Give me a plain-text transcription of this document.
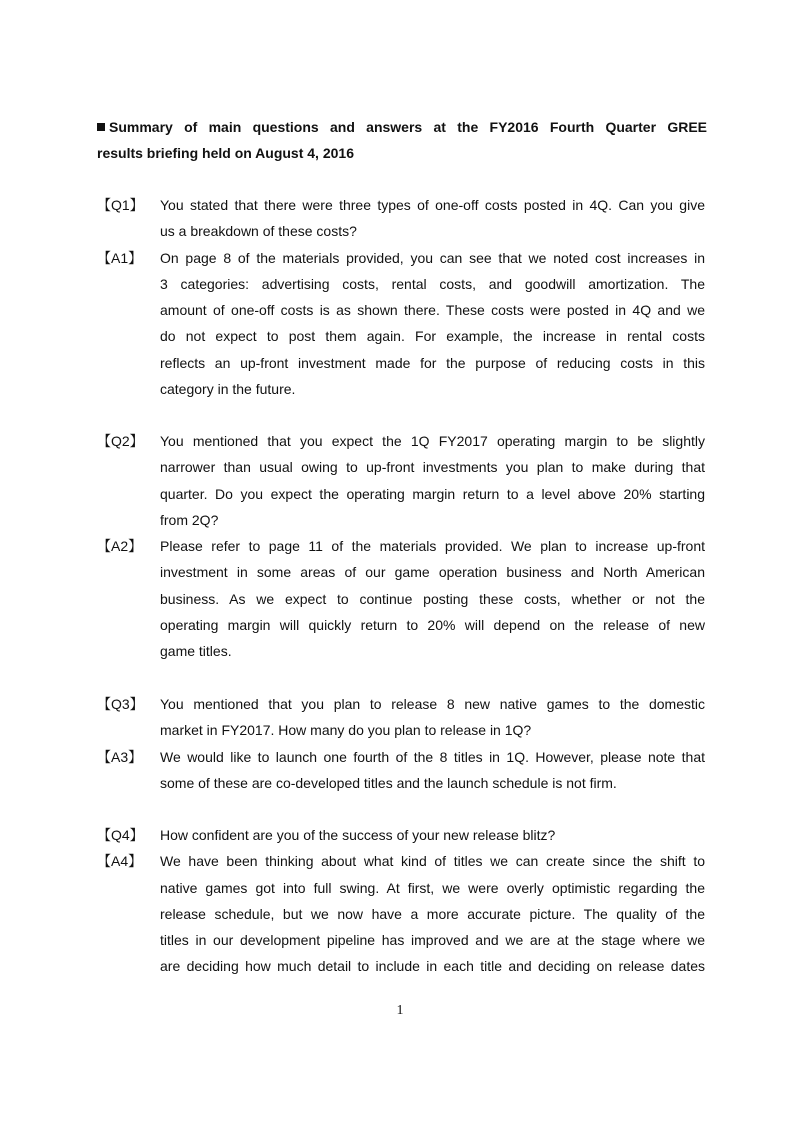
Summary of main questions and answers at the FY2016 Fourth Quarter GREE
results briefing held on August 4, 2016
【Q1】	You stated that there were three types of one-off costs posted in 4Q. Can you give
us a breakdown of these costs?
【A1】	On page 8 of the materials provided, you can see that we noted cost increases in
3 categories: advertising costs, rental costs, and goodwill amortization. The
amount of one-off costs is as shown there. These costs were posted in 4Q and we
do not expect to post them again. For example, the increase in rental costs
reflects an up-front investment made for the purpose of reducing costs in this
category in the future.
【Q2】	You mentioned that you expect the 1Q FY2017 operating margin to be slightly
narrower than usual owing to up-front investments you plan to make during that
quarter. Do you expect the operating margin return to a level above 20% starting
from 2Q?
【A2】	Please refer to page 11 of the materials provided. We plan to increase up-front
investment in some areas of our game operation business and North American
business. As we expect to continue posting these costs, whether or not the
operating margin will quickly return to 20% will depend on the release of new
game titles.
【Q3】	You mentioned that you plan to release 8 new native games to the domestic
market in FY2017. How many do you plan to release in 1Q?
【A3】	We would like to launch one fourth of the 8 titles in 1Q. However, please note that
some of these are co-developed titles and the launch schedule is not firm.
【Q4】	How confident are you of the success of your new release blitz?
【A4】	We have been thinking about what kind of titles we can create since the shift to
native games got into full swing. At first, we were overly optimistic regarding the
release schedule, but we now have a more accurate picture. The quality of the
titles in our development pipeline has improved and we are at the stage where we
are deciding how much detail to include in each title and deciding on release dates
1
